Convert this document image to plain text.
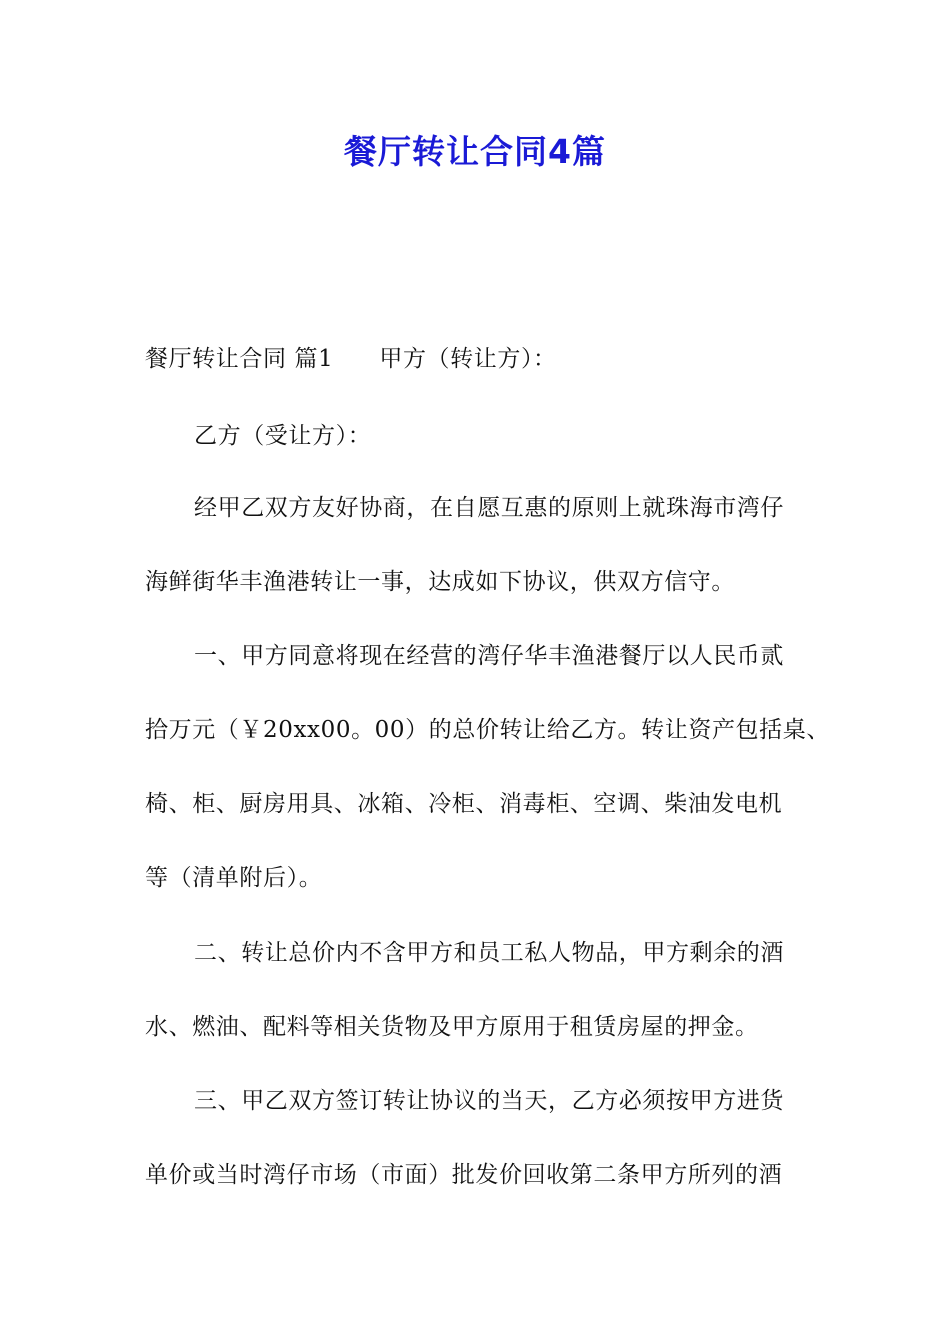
餐厅转让合同4篇
餐厅转让合同 篇1 甲方（转让方）：
乙方（受让方）：
经甲乙双方友好协商，在自愿互惠的原则上就珠海市湾仔
海鲜街华丰渔港转让一事，达成如下协议，供双方信守。
一、甲方同意将现在经营的湾仔华丰渔港餐厅以人民币贰
拾万元（￥20xx00。00）的总价转让给乙方。转让资产包括桌、
椅、柜、厨房用具、冰箱、冷柜、消毒柜、空调、柴油发电机
等（清单附后）。
二、转让总价内不含甲方和员工私人物品，甲方剩余的酒
水、燃油、配料等相关货物及甲方原用于租赁房屋的押金。
三、甲乙双方签订转让协议的当天，乙方必须按甲方进货
单价或当时湾仔市场（市面）批发价回收第二条甲方所列的酒
